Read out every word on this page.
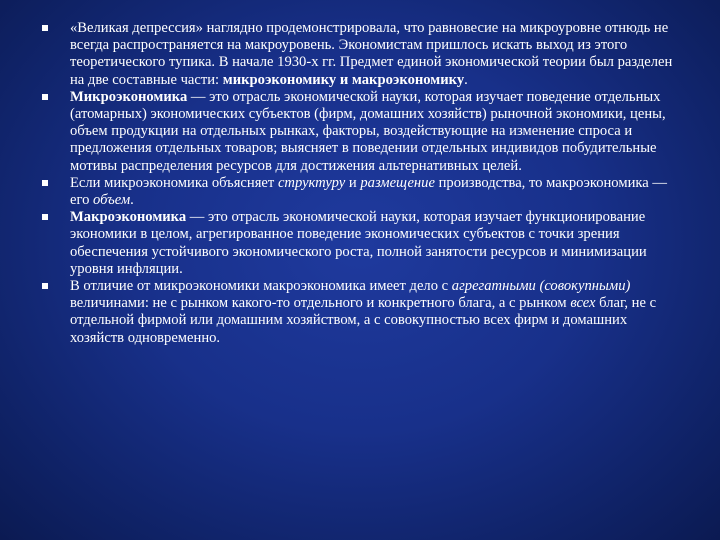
«Великая депрессия» наглядно продемонстрировала, что равновесие на микроуровне отнюдь не всегда распространяется на макроуровень. Экономистам пришлось искать выход из этого теоретического тупика. В начале 1930-х гг. Предмет единой экономической теории был разделен на две составные части: микроэкономику и макроэкономику.
Микроэкономика — это отрасль экономической науки, которая изучает поведение отдельных (атомарных) экономических субъектов (фирм, домашних хозяйств) рыночной экономики, цены, объем продукции на отдельных рынках, факторы, воздействующие на изменение спроса и предложения отдельных товаров; выясняет в поведении отдельных индивидов побудительные мотивы распределения ресурсов для достижения альтернативных целей.
Если микроэкономика объясняет структуру и размещение производства, то макроэкономика — его объем.
Макроэкономика — это отрасль экономической науки, которая изучает функционирование экономики в целом, агрегированное поведение экономических субъектов с точки зрения обеспечения устойчивого экономического роста, полной занятости ресурсов и минимизации уровня инфляции.
В отличие от микроэкономики макроэкономика имеет дело с агрегатными (совокупными) величинами: не с рынком какого-то отдельного и конкретного блага, а с рынком всех благ, не с отдельной фирмой или домашним хозяйством, а с совокупностью всех фирм и домашних хозяйств одновременно.
